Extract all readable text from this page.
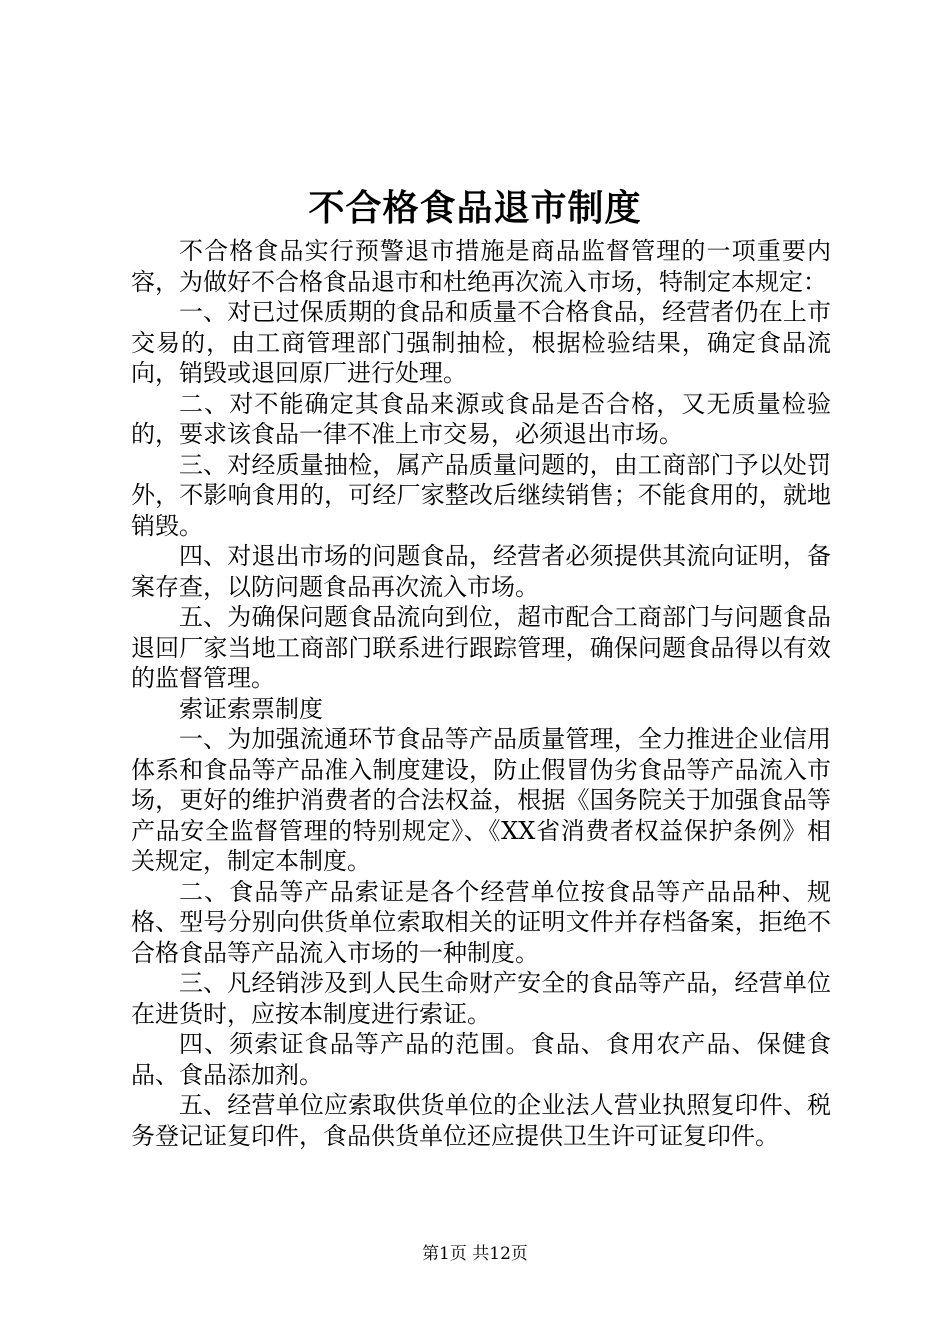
不合格食品退市制度

不合格食品实行预警退市措施是商品监督管理的一项重要内容，为做好不合格食品退市和杜绝再次流入市场，特制定本规定：

一、对已过保质期的食品和质量不合格食品，经营者仍在上市交易的，由工商管理部门强制抽检，根据检验结果，确定食品流向，销毁或退回原厂进行处理。

二、对不能确定其食品来源或食品是否合格，又无质量检验的，要求该食品一律不准上市交易，必须退出市场。

三、对经质量抽检，属产品质量问题的，由工商部门予以处罚外，不影响食用的，可经厂家整改后继续销售；不能食用的，就地销毁。

四、对退出市场的问题食品，经营者必须提供其流向证明，备案存查，以防问题食品再次流入市场。

五、为确保问题食品流向到位，超市配合工商部门与问题食品退回厂家当地工商部门联系进行跟踪管理，确保问题食品得以有效的监督管理。

索证索票制度

一、为加强流通环节食品等产品质量管理，全力推进企业信用体系和食品等产品准入制度建设，防止假冒伪劣食品等产品流入市场，更好的维护消费者的合法权益，根据《国务院关于加强食品等产品安全监督管理的特别规定》、《XX省消费者权益保护条例》相关规定，制定本制度。

二、食品等产品索证是各个经营单位按食品等产品品种、规格、型号分别向供货单位索取相关的证明文件并存档备案，拒绝不合格食品等产品流入市场的一种制度。

三、凡经销涉及到人民生命财产安全的食品等产品，经营单位在进货时，应按本制度进行索证。

四、须索证食品等产品的范围。食品、食用农产品、保健食品、食品添加剂。

五、经营单位应索取供货单位的企业法人营业执照复印件、税务登记证复印件，食品供货单位还应提供卫生许可证复印件。

第1页 共12页
